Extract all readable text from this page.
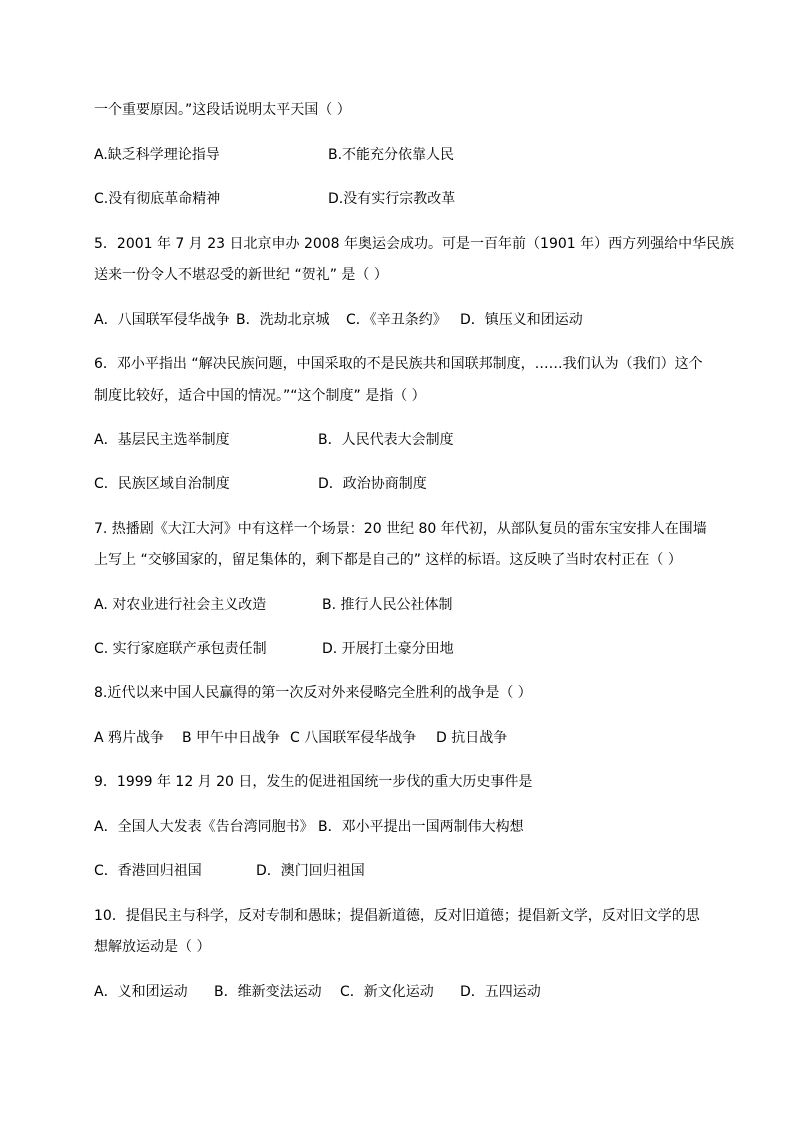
一个重要原因。”这段话说明太平天国（ ）
A.缺乏科学理论指导	B.不能充分依靠人民
C.没有彻底革命精神	D.没有实行宗教改革
5．2001 年 7 月 23 日北京申办 2008 年奥运会成功。可是一百年前（1901 年）西方列强给中华民族
送来一份令人不堪忍受的新世纪 “贺礼” 是（ ）
A．八国联军侵华战争 B．洗劫北京城 C．《辛丑条约》 D．镇压义和团运动
6．邓小平指出 “解决民族问题，中国采取的不是民族共和国联邦制度，……我们认为（我们）这个
制度比较好，适合中国的情况。”“这个制度” 是指（ ）
A．基层民主选举制度	B．人民代表大会制度
C．民族区域自治制度	D．政治协商制度
7. 热播剧《大江大河》中有这样一个场景：20 世纪 80 年代初，从部队复员的雷东宝安排人在围墙
上写上 “交够国家的，留足集体的，剩下都是自己的” 这样的标语。这反映了当时农村正在（ ）
A. 对农业进行社会主义改造	B. 推行人民公社体制
C. 实行家庭联产承包责任制	D. 开展打土豪分田地
8.近代以来中国人民赢得的第一次反对外来侵略完全胜利的战争是（ ）
A 鸦片战争 B 甲午中日战争 C 八国联军侵华战争 D 抗日战争
9．1999 年 12 月 20 日，发生的促进祖国统一步伐的重大历史事件是
A．全国人大发表《告台湾同胞书》 B．邓小平提出一国两制伟大构想
C．香港回归祖国	D．澳门回归祖国
10．提倡民主与科学，反对专制和愚昧；提倡新道德，反对旧道德；提倡新文学，反对旧文学的思
想解放运动是（ ）
A．义和团运动 B．维新变法运动 C．新文化运动 D．五四运动
